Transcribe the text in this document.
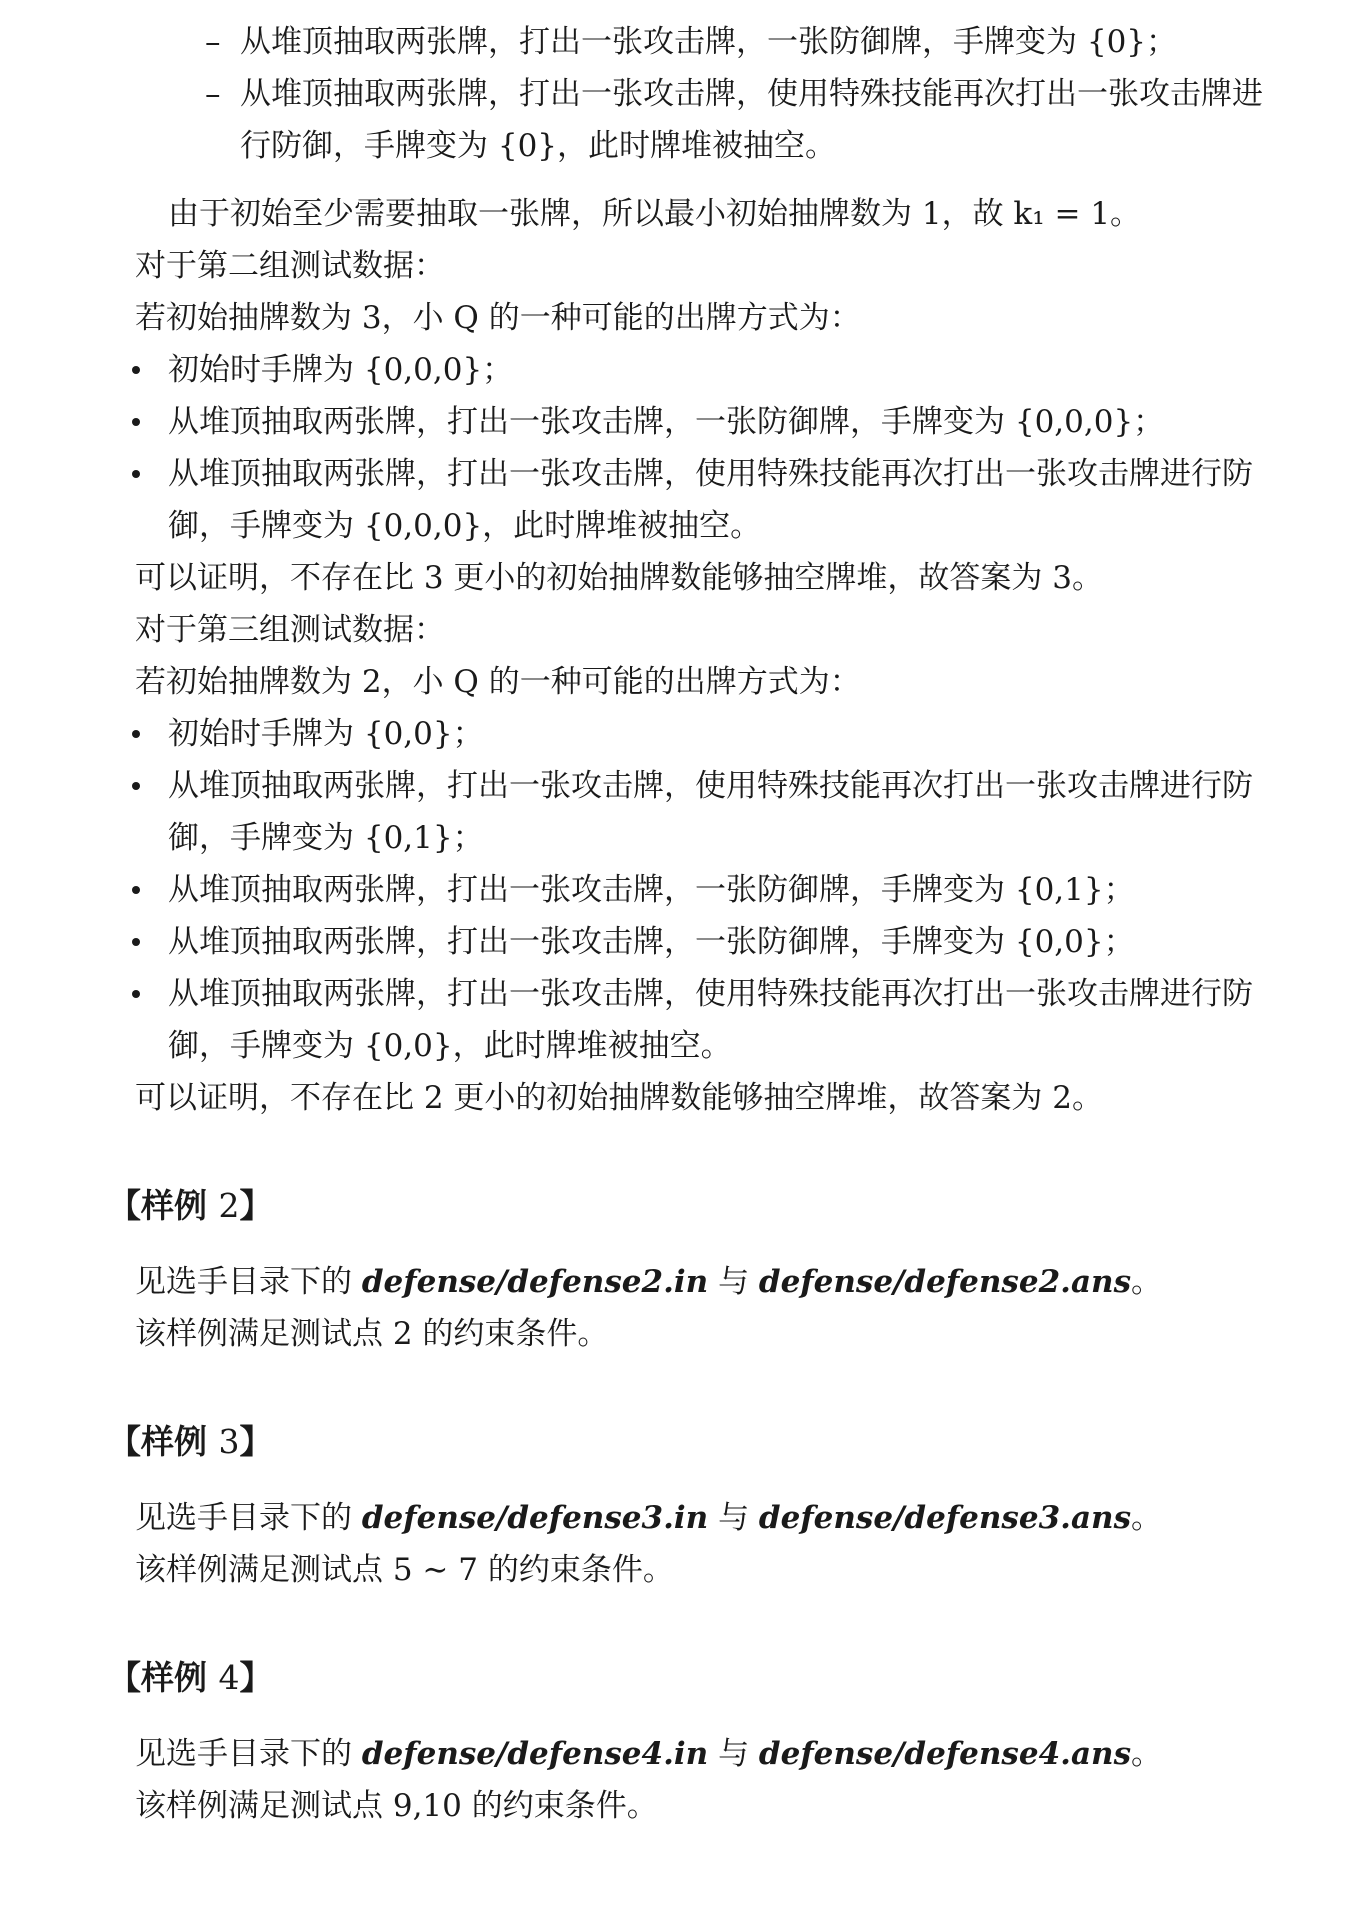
– 从堆顶抽取两张牌，打出一张攻击牌，一张防御牌，手牌变为 {0}；
– 从堆顶抽取两张牌，打出一张攻击牌，使用特殊技能再次打出一张攻击牌进
行防御，手牌变为 {0}，此时牌堆被抽空。
由于初始至少需要抽取一张牌，所以最小初始抽牌数为 1，故 k₁ = 1。
对于第二组测试数据：
若初始抽牌数为 3，小 Q 的一种可能的出牌方式为：
初始时手牌为 {0,0,0}；
从堆顶抽取两张牌，打出一张攻击牌，一张防御牌，手牌变为 {0,0,0}；
从堆顶抽取两张牌，打出一张攻击牌，使用特殊技能再次打出一张攻击牌进行防
御，手牌变为 {0,0,0}，此时牌堆被抽空。
可以证明，不存在比 3 更小的初始抽牌数能够抽空牌堆，故答案为 3。
对于第三组测试数据：
若初始抽牌数为 2，小 Q 的一种可能的出牌方式为：
初始时手牌为 {0,0}；
从堆顶抽取两张牌，打出一张攻击牌，使用特殊技能再次打出一张攻击牌进行防
御，手牌变为 {0,1}；
从堆顶抽取两张牌，打出一张攻击牌，一张防御牌，手牌变为 {0,1}；
从堆顶抽取两张牌，打出一张攻击牌，一张防御牌，手牌变为 {0,0}；
从堆顶抽取两张牌，打出一张攻击牌，使用特殊技能再次打出一张攻击牌进行防
御，手牌变为 {0,0}，此时牌堆被抽空。
可以证明，不存在比 2 更小的初始抽牌数能够抽空牌堆，故答案为 2。
【样例 2】
见选手目录下的 defense/defense2.in 与 defense/defense2.ans。
该样例满足测试点 2 的约束条件。
【样例 3】
见选手目录下的 defense/defense3.in 与 defense/defense3.ans。
该样例满足测试点 5 ∼ 7 的约束条件。
【样例 4】
见选手目录下的 defense/defense4.in 与 defense/defense4.ans。
该样例满足测试点 9,10 的约束条件。
